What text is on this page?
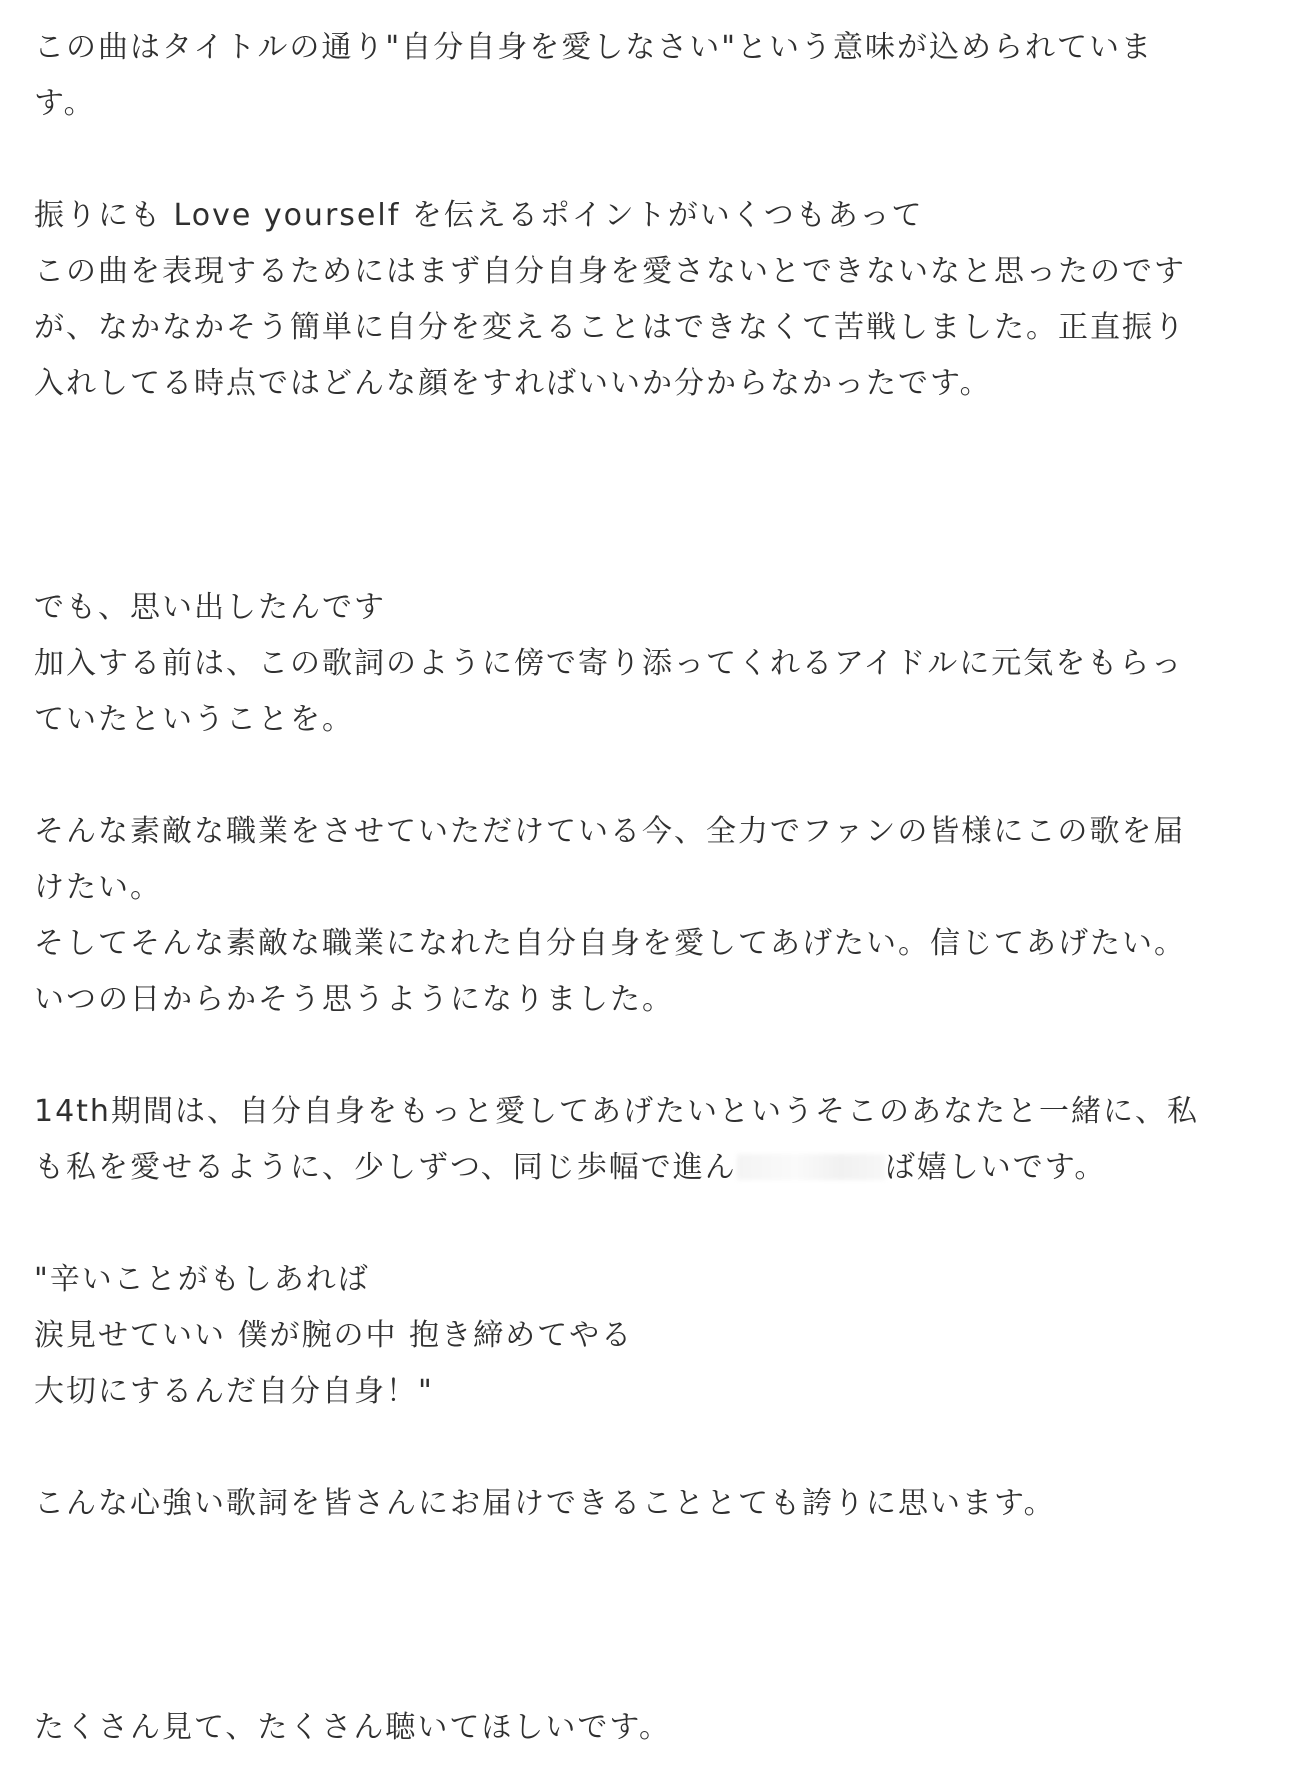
この曲はタイトルの通り"自分自身を愛しなさい"という意味が込められていま
す。
振りにも Love yourself を伝えるポイントがいくつもあって
この曲を表現するためにはまず自分自身を愛さないとできないなと思ったのです
が、なかなかそう簡単に自分を変えることはできなくて苦戦しました。正直振り
入れしてる時点ではどんな顔をすればいいか分からなかったです。
でも、思い出したんです
加入する前は、この歌詞のように傍で寄り添ってくれるアイドルに元気をもらっ
ていたということを。
そんな素敵な職業をさせていただけている今、全力でファンの皆様にこの歌を届
けたい。
そしてそんな素敵な職業になれた自分自身を愛してあげたい。信じてあげたい。
いつの日からかそう思うようになりました。
14th期間は、自分自身をもっと愛してあげたいというそこのあなたと一緒に、私
も私を愛せるように、少しずつ、同じ歩幅で進ん	ば嬉しいです。
"辛いことがもしあれば
涙見せていい 僕が腕の中 抱き締めてやる
大切にするんだ自分自身！"
こんな心強い歌詞を皆さんにお届けできることとても誇りに思います。
たくさん見て、たくさん聴いてほしいです。
